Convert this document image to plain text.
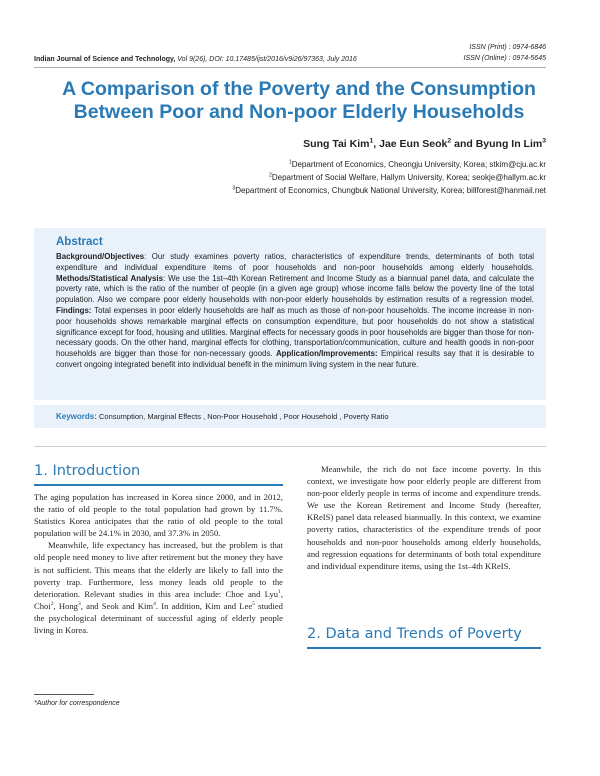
Indian Journal of Science and Technology, Vol 9(26), DOI: 10.17485/ijst/2016/v9i26/97363, July 2016
ISSN (Print) : 0974-6846
ISSN (Online) : 0974-5645
A Comparison of the Poverty and the Consumption
Between Poor and Non-poor Elderly Households
Sung Tai Kim$^1$, Jae Eun Seok$^2$ and Byung In Lim$^3$
$^1$Department of Economics, Cheongju University, Korea; stkim@cju.ac.kr
$^2$Department of Social Welfare, Hallym University, Korea; seokje@hallym.ac.kr
$^3$Department of Economics, Chungbuk National University, Korea; billforest@hanmail.net
Abstract
Background/Objectives: Our study examines poverty ratios, characteristics of expenditure trends, determinants of both total expenditure and individual expenditure items of poor households and non-poor households among elderly households. Methods/Statistical Analysis: We use the 1st–4th Korean Retirement and Income Study as a biannual panel data, and calculate the poverty rate, which is the ratio of the number of people (in a given age group) whose income falls below the poverty line of the total population. Also we compare poor elderly households with non-poor elderly households by estimation results of a regression model. Findings: Total expenses in poor elderly households are half as much as those of non-poor households. The income increase in non-poor households shows remarkable marginal effects on consumption expenditure, but poor households do not show a statistical significance except for food, housing and utilities. Marginal effects for necessary goods in poor households are bigger than those for non-necessary goods. On the other hand, marginal effects for clothing, transportation/communication, culture and health goods in non-poor households are bigger than those for non-necessary goods. Application/Improvements: Empirical results say that it is desirable to convert ongoing integrated benefit into individual benefit in the minimum living system in the near future.
Keywords: Consumption, Marginal Effects , Non-Poor Household , Poor Household , Poverty Ratio
1. Introduction

The aging population has increased in Korea since 2000, and in 2012, the ratio of old people to the total population had grown by 11.7%. Statistics Korea anticipates that the ratio of old people to the total population will be 24.1% in 2030, and 37.3% in 2050.

Meanwhile, life expectancy has increased, but the problem is that old people need money to live after retirement but the money they have is not sufficient. This means that the elderly are likely to fall into the poverty trap. Furthermore, less money leads old people to the deterioration. Relevant studies in this area include: Choe and Lyu$^1$, Choi$^2$, Hong$^3$, and Seok and Kim$^4$. In addition, Kim and Lee$^5$ studied the psychological determinant of successful aging of elderly people living in Korea.

Meanwhile, the rich do not face income poverty. In this context, we investigate how poor elderly people are different from non-poor elderly people in terms of income and expenditure trends. We use the Korean Retirement and Income Study (hereafter, KReIS) panel data released biannually. In this context, we examine poverty ratios, characteristics of the expenditure trends of poor households and non-poor households among elderly households, and regression equations for determinants of both total expenditure and individual expenditure items, using the 1st–4th KReIS.

2. Data and Trends of Poverty
*Author for correspondence
